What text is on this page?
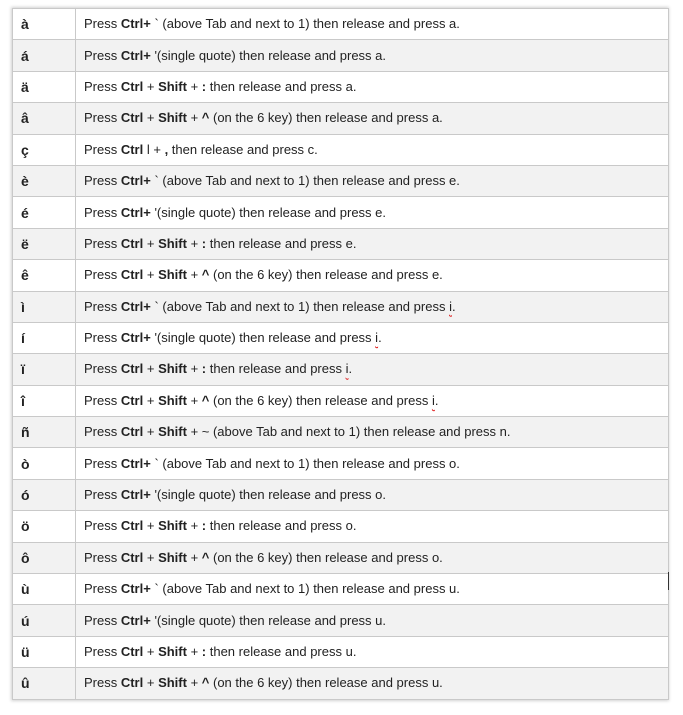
à	Press Ctrl+ ` (above Tab and next to 1) then release and press a.
á	Press Ctrl+ '(single quote) then release and press a.
ä	Press Ctrl + Shift + : then release and press a.
â	Press Ctrl + Shift + ^ (on the 6 key) then release and press a.
ç	Press Ctrl l + , then release and press c.
è	Press Ctrl+ ` (above Tab and next to 1) then release and press e.
é	Press Ctrl+ '(single quote) then release and press e.
ë	Press Ctrl + Shift + : then release and press e.
ê	Press Ctrl + Shift + ^ (on the 6 key) then release and press e.
ì	Press Ctrl+ ` (above Tab and next to 1) then release and press i.
í	Press Ctrl+ '(single quote) then release and press i.
ï	Press Ctrl + Shift + : then release and press i.
î	Press Ctrl + Shift + ^ (on the 6 key) then release and press i.
ñ	Press Ctrl + Shift + ~ (above Tab and next to 1) then release and press n.
ò	Press Ctrl+ ` (above Tab and next to 1) then release and press o.
ó	Press Ctrl+ '(single quote) then release and press o.
ö	Press Ctrl + Shift + : then release and press o.
ô	Press Ctrl + Shift + ^ (on the 6 key) then release and press o.
ù	Press Ctrl+ ` (above Tab and next to 1) then release and press u.
ú	Press Ctrl+ '(single quote) then release and press u.
ü	Press Ctrl + Shift + : then release and press u.
û	Press Ctrl + Shift + ^ (on the 6 key) then release and press u.
